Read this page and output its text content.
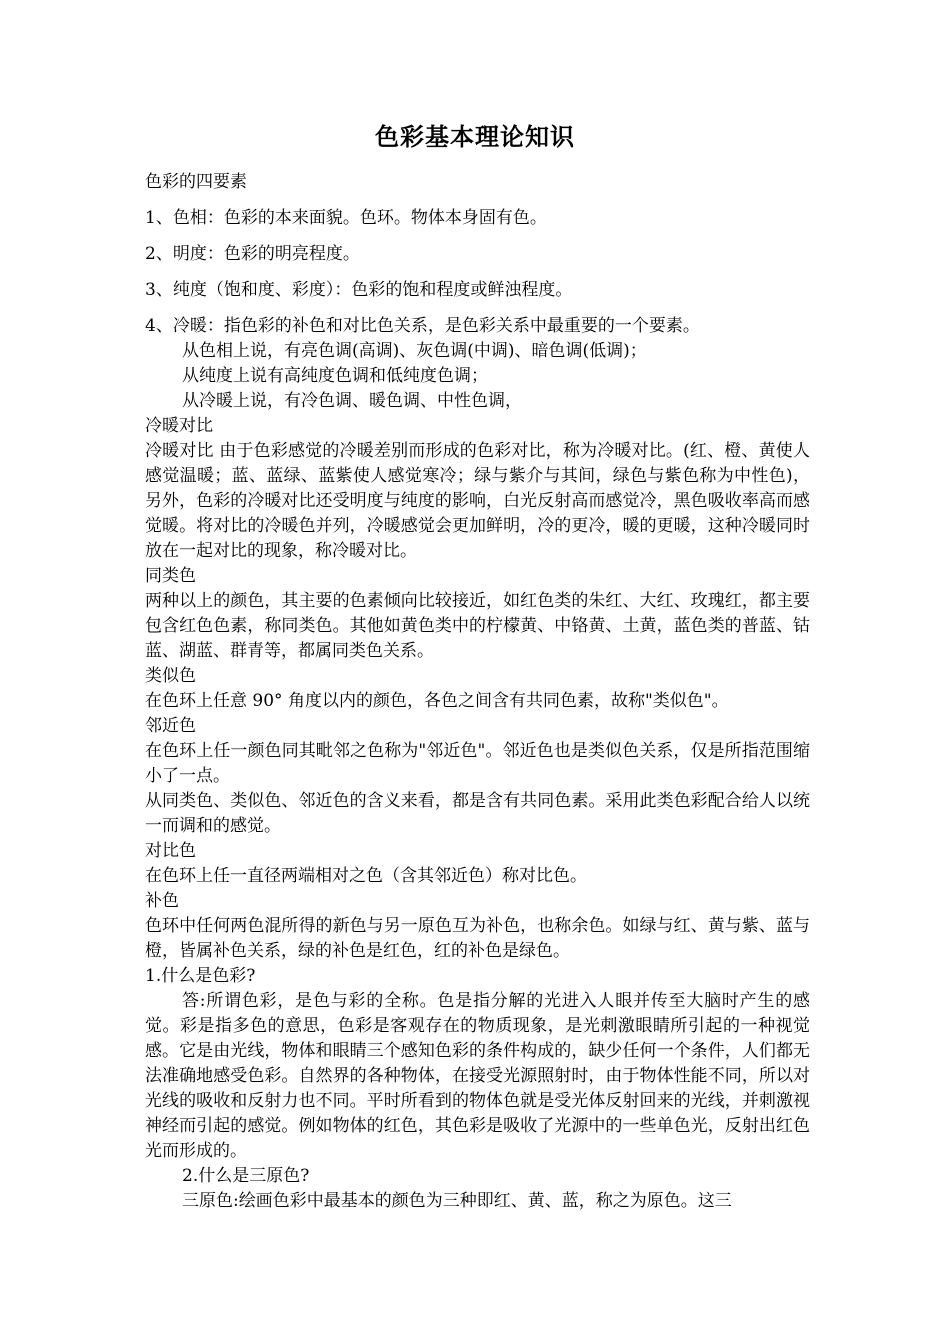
色彩基本理论知识

色彩的四要素

1、色相：色彩的本来面貌。色环。物体本身固有色。

2、明度：色彩的明亮程度。

3、纯度（饱和度、彩度）：色彩的饱和程度或鲜浊程度。

4、冷暖：指色彩的补色和对比色关系，是色彩关系中最重要的一个要素。

从色相上说，有亮色调(高调)、灰色调(中调)、暗色调(低调)；

从纯度上说有高纯度色调和低纯度色调；

从冷暖上说，有冷色调、暖色调、中性色调，

冷暖对比

冷暖对比 由于色彩感觉的冷暖差别而形成的色彩对比，称为冷暖对比。(红、橙、黄使人感觉温暖；蓝、蓝绿、蓝紫使人感觉寒冷；绿与紫介与其间，绿色与紫色称为中性色)，另外，色彩的冷暖对比还受明度与纯度的影响，白光反射高而感觉冷，黑色吸收率高而感觉暖。将对比的冷暖色并列，冷暖感觉会更加鲜明，冷的更冷，暖的更暖，这种冷暖同时放在一起对比的现象，称冷暖对比。

同类色

两种以上的颜色，其主要的色素倾向比较接近，如红色类的朱红、大红、玫瑰红，都主要包含红色色素，称同类色。其他如黄色类中的柠檬黄、中铬黄、土黄，蓝色类的普蓝、钴蓝、湖蓝、群青等，都属同类色关系。

类似色

在色环上任意 90° 角度以内的颜色，各色之间含有共同色素，故称"类似色"。

邻近色

在色环上任一颜色同其毗邻之色称为"邻近色"。邻近色也是类似色关系，仅是所指范围缩小了一点。

从同类色、类似色、邻近色的含义来看，都是含有共同色素。采用此类色彩配合给人以统一而调和的感觉。

对比色

在色环上任一直径两端相对之色（含其邻近色）称对比色。

补色

色环中任何两色混所得的新色与另一原色互为补色，也称余色。如绿与红、黄与紫、蓝与橙，皆属补色关系，绿的补色是红色，红的补色是绿色。

1.什么是色彩?

答:所谓色彩，是色与彩的全称。色是指分解的光进入人眼并传至大脑时产生的感觉。彩是指多色的意思，色彩是客观存在的物质现象，是光刺激眼睛所引起的一种视觉感。它是由光线，物体和眼睛三个感知色彩的条件构成的，缺少任何一个条件，人们都无法准确地感受色彩。自然界的各种物体，在接受光源照射时，由于物体性能不同，所以对光线的吸收和反射力也不同。平时所看到的物体色就是受光体反射回来的光线，并刺激视神经而引起的感觉。例如物体的红色，其色彩是吸收了光源中的一些单色光，反射出红色光而形成的。

2.什么是三原色?

三原色:绘画色彩中最基本的颜色为三种即红、黄、蓝，称之为原色。这三
